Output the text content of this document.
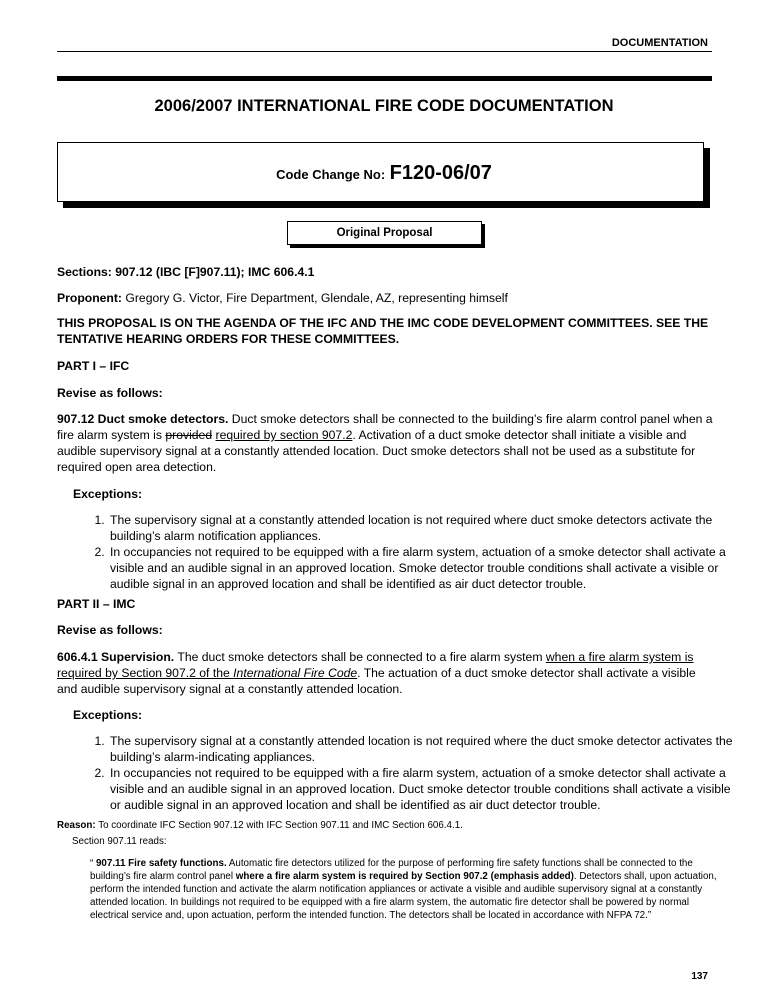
DOCUMENTATION
2006/2007 INTERNATIONAL FIRE CODE DOCUMENTATION
Code Change No: F120-06/07
Original Proposal
Sections: 907.12 (IBC [F]907.11); IMC 606.4.1
Proponent: Gregory G. Victor, Fire Department, Glendale, AZ, representing himself
THIS PROPOSAL IS ON THE AGENDA OF THE IFC AND THE IMC CODE DEVELOPMENT COMMITTEES. SEE THE TENTATIVE HEARING ORDERS FOR THESE COMMITTEES.
PART I – IFC
Revise as follows:
907.12 Duct smoke detectors. Duct smoke detectors shall be connected to the building’s fire alarm control panel when a fire alarm system is provided required by section 907.2. Activation of a duct smoke detector shall initiate a visible and audible supervisory signal at a constantly attended location. Duct smoke detectors shall not be used as a substitute for required open area detection.
Exceptions:
1. The supervisory signal at a constantly attended location is not required where duct smoke detectors activate the building’s alarm notification appliances.
2. In occupancies not required to be equipped with a fire alarm system, actuation of a smoke detector shall activate a visible and an audible signal in an approved location. Smoke detector trouble conditions shall activate a visible or audible signal in an approved location and shall be identified as air duct detector trouble.
PART II – IMC
Revise as follows:
606.4.1 Supervision. The duct smoke detectors shall be connected to a fire alarm system when a fire alarm system is required by Section 907.2 of the International Fire Code. The actuation of a duct smoke detector shall activate a visible and audible supervisory signal at a constantly attended location.
Exceptions:
1. The supervisory signal at a constantly attended location is not required where the duct smoke detector activates the building’s alarm-indicating appliances.
2. In occupancies not required to be equipped with a fire alarm system, actuation of a smoke detector shall activate a visible and an audible signal in an approved location. Duct smoke detector trouble conditions shall activate a visible or audible signal in an approved location and shall be identified as air duct detector trouble.
Reason: To coordinate IFC Section 907.12 with IFC Section 907.11 and IMC Section 606.4.1.
Section 907.11 reads:
“ 907.11 Fire safety functions. Automatic fire detectors utilized for the purpose of performing fire safety functions shall be connected to the building’s fire alarm control panel where a fire alarm system is required by Section 907.2 (emphasis added). Detectors shall, upon actuation, perform the intended function and activate the alarm notification appliances or activate a visible and audible supervisory signal at a constantly attended location. In buildings not required to be equipped with a fire alarm system, the automatic fire detector shall be powered by normal electrical service and, upon actuation, perform the intended function. The detectors shall be located in accordance with NFPA 72.”
137
